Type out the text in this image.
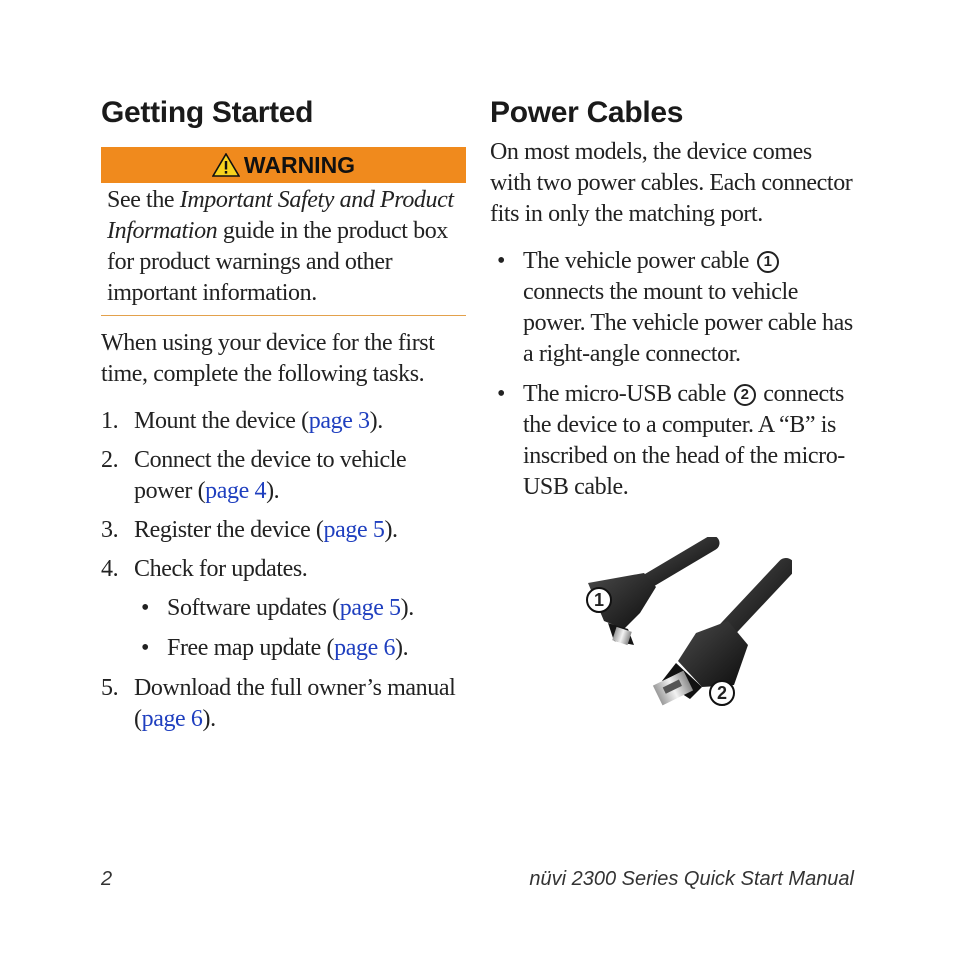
Getting Started
WARNING

See the Important Safety and Product Information guide in the product box for product warnings and other important information.

When using your device for the first time, complete the following tasks.

1. Mount the device (page 3).
2. Connect the device to vehicle power (page 4).
3. Register the device (page 5).
4. Check for updates.
• Software updates (page 5).
• Free map update (page 6).
5. Download the full owner’s manual (page 6).
Power Cables

On most models, the device comes with two power cables. Each connector fits in only the matching port.

• The vehicle power cable 1 connects the mount to vehicle power. The vehicle power cable has a right-angle connector.
• The micro-USB cable 2 connects the device to a computer. A “B” is inscribed on the head of the micro-USB cable.
1
2
2	nüvi 2300 Series Quick Start Manual
